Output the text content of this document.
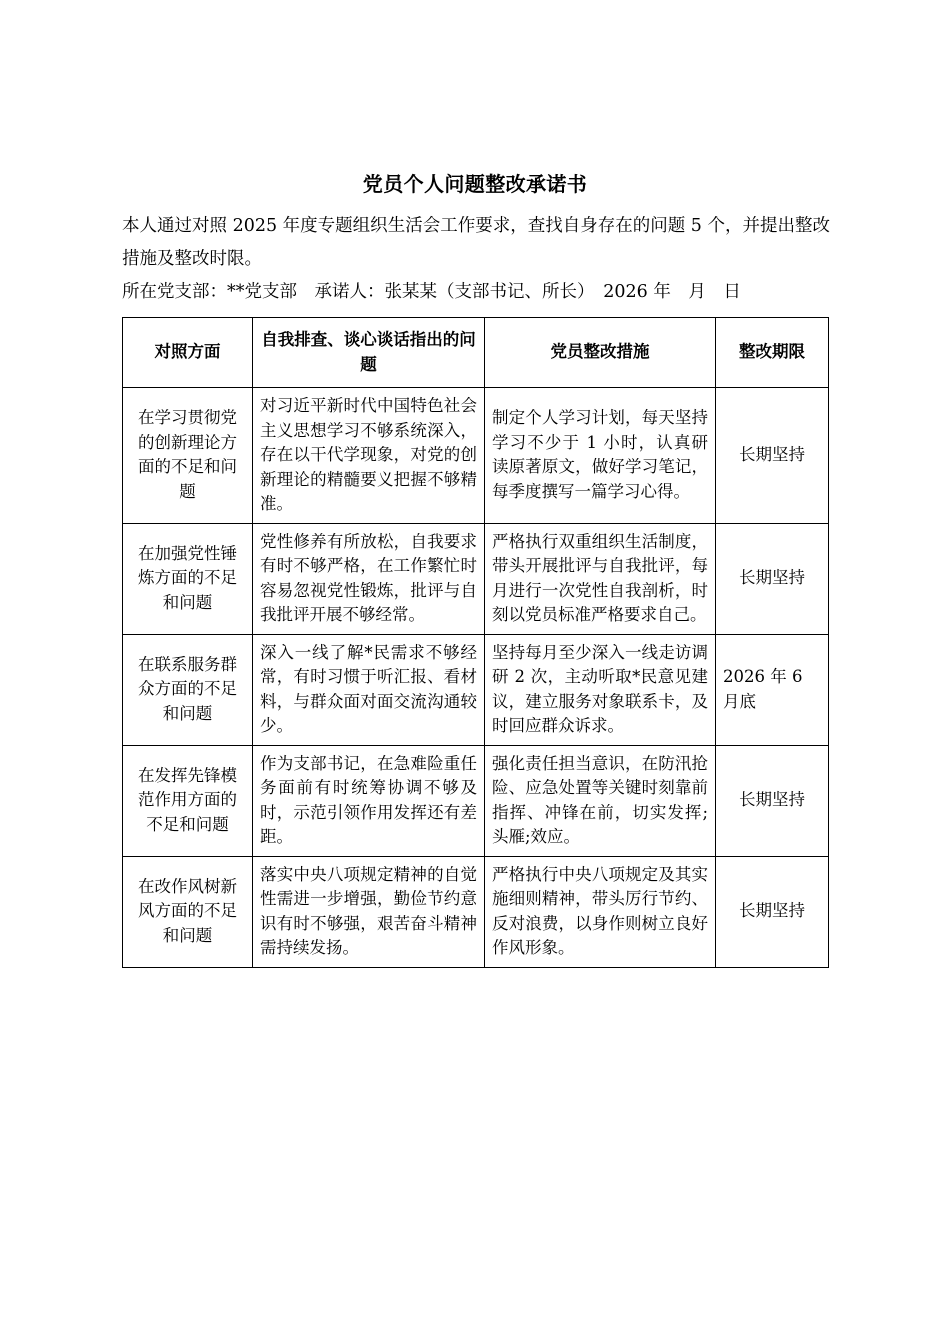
党员个人问题整改承诺书
本人通过对照 2025 年度专题组织生活会工作要求，查找自身存在的问题 5 个，并提出整改措施及整改时限。
所在党支部：**党支部　承诺人：张某某（支部书记、所长）　2026 年　月　日
对照方面	自我排查、谈心谈话指出的问题	党员整改措施	整改期限
在学习贯彻党的创新理论方面的不足和问题	对习近平新时代中国特色社会主义思想学习不够系统深入，存在以干代学现象，对党的创新理论的精髓要义把握不够精准。	制定个人学习计划，每天坚持学习不少于 1 小时，认真研读原著原文，做好学习笔记，每季度撰写一篇学习心得。	长期坚持
在加强党性锤炼方面的不足和问题	党性修养有所放松，自我要求有时不够严格，在工作繁忙时容易忽视党性锻炼，批评与自我批评开展不够经常。	严格执行双重组织生活制度，带头开展批评与自我批评，每月进行一次党性自我剖析，时刻以党员标准严格要求自己。	长期坚持
在联系服务群众方面的不足和问题	深入一线了解*民需求不够经常，有时习惯于听汇报、看材料，与群众面对面交流沟通较少。	坚持每月至少深入一线走访调研 2 次，主动听取*民意见建议，建立服务对象联系卡，及时回应群众诉求。	2026 年 6 月底
在发挥先锋模范作用方面的不足和问题	作为支部书记，在急难险重任务面前有时统筹协调不够及时，示范引领作用发挥还有差距。	强化责任担当意识，在防汛抢险、应急处置等关键时刻靠前指挥、冲锋在前，切实发挥;头雁;效应。	长期坚持
在改作风树新风方面的不足和问题	落实中央八项规定精神的自觉性需进一步增强，勤俭节约意识有时不够强，艰苦奋斗精神需持续发扬。	严格执行中央八项规定及其实施细则精神，带头厉行节约、反对浪费，以身作则树立良好作风形象。	长期坚持
